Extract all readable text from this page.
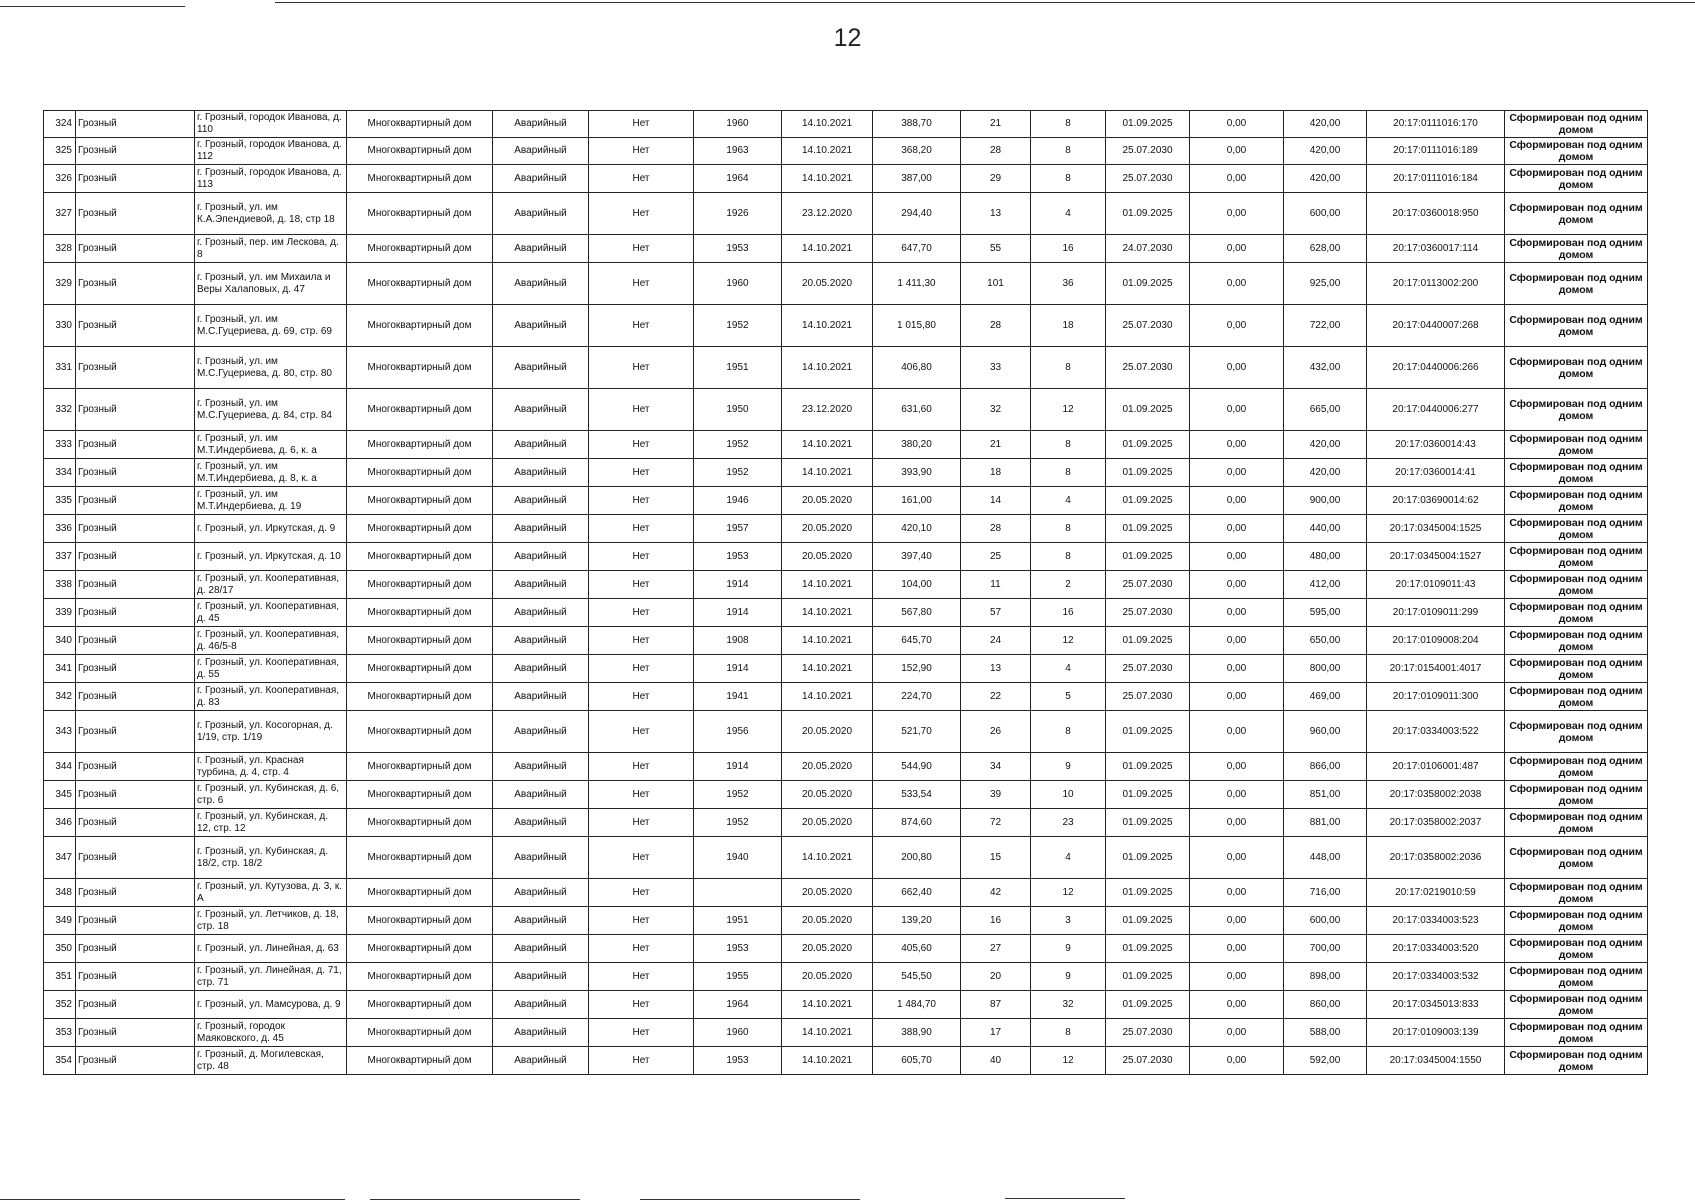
12
324	Грозный	г. Грозный, городок Иванова, д. 110	Многоквартирный дом	Аварийный	Нет	1960	14.10.2021	388,70	21	8	01.09.2025	0,00	420,00	20:17:0111016:170	Сформирован под одним домом
325	Грозный	г. Грозный, городок Иванова, д. 112	Многоквартирный дом	Аварийный	Нет	1963	14.10.2021	368,20	28	8	25.07.2030	0,00	420,00	20:17:0111016:189	Сформирован под одним домом
326	Грозный	г. Грозный, городок Иванова, д. 113	Многоквартирный дом	Аварийный	Нет	1964	14.10.2021	387,00	29	8	25.07.2030	0,00	420,00	20:17:0111016:184	Сформирован под одним домом
327	Грозный	г. Грозный, ул. им К.А.Эпендиевой, д. 18, стр 18	Многоквартирный дом	Аварийный	Нет	1926	23.12.2020	294,40	13	4	01.09.2025	0,00	600,00	20:17:0360018:950	Сформирован под одним домом
328	Грозный	г. Грозный, пер. им Лескова, д. 8	Многоквартирный дом	Аварийный	Нет	1953	14.10.2021	647,70	55	16	24.07.2030	0,00	628,00	20:17:0360017:114	Сформирован под одним домом
329	Грозный	г. Грозный, ул. им Михаила и Веры Халаповых, д. 47	Многоквартирный дом	Аварийный	Нет	1960	20.05.2020	1 411,30	101	36	01.09.2025	0,00	925,00	20:17:0113002:200	Сформирован под одним домом
330	Грозный	г. Грозный, ул. им М.С.Гуцериева, д. 69, стр. 69	Многоквартирный дом	Аварийный	Нет	1952	14.10.2021	1 015,80	28	18	25.07.2030	0,00	722,00	20:17:0440007:268	Сформирован под одним домом
331	Грозный	г. Грозный, ул. им М.С.Гуцериева, д. 80, стр. 80	Многоквартирный дом	Аварийный	Нет	1951	14.10.2021	406,80	33	8	25.07.2030	0,00	432,00	20:17:0440006:266	Сформирован под одним домом
332	Грозный	г. Грозный, ул. им М.С.Гуцериева, д. 84, стр. 84	Многоквартирный дом	Аварийный	Нет	1950	23.12.2020	631,60	32	12	01.09.2025	0,00	665,00	20:17:0440006:277	Сформирован под одним домом
333	Грозный	г. Грозный, ул. им М.Т.Индербиева, д. 6, к. а	Многоквартирный дом	Аварийный	Нет	1952	14.10.2021	380,20	21	8	01.09.2025	0,00	420,00	20:17:0360014:43	Сформирован под одним домом
334	Грозный	г. Грозный, ул. им М.Т.Индербиева, д. 8, к. а	Многоквартирный дом	Аварийный	Нет	1952	14.10.2021	393,90	18	8	01.09.2025	0,00	420,00	20:17:0360014:41	Сформирован под одним домом
335	Грозный	г. Грозный, ул. им М.Т.Индербиева, д. 19	Многоквартирный дом	Аварийный	Нет	1946	20.05.2020	161,00	14	4	01.09.2025	0,00	900,00	20:17:03690014:62	Сформирован под одним домом
336	Грозный	г. Грозный, ул. Иркутская, д. 9	Многоквартирный дом	Аварийный	Нет	1957	20.05.2020	420,10	28	8	01.09.2025	0,00	440,00	20:17:0345004:1525	Сформирован под одним домом
337	Грозный	г. Грозный, ул. Иркутская, д. 10	Многоквартирный дом	Аварийный	Нет	1953	20.05.2020	397,40	25	8	01.09.2025	0,00	480,00	20:17:0345004:1527	Сформирован под одним домом
338	Грозный	г. Грозный, ул. Кооперативная, д. 28/17	Многоквартирный дом	Аварийный	Нет	1914	14.10.2021	104,00	11	2	25.07.2030	0,00	412,00	20:17:0109011:43	Сформирован под одним домом
339	Грозный	г. Грозный, ул. Кооперативная, д. 45	Многоквартирный дом	Аварийный	Нет	1914	14.10.2021	567,80	57	16	25.07.2030	0,00	595,00	20:17:0109011:299	Сформирован под одним домом
340	Грозный	г. Грозный, ул. Кооперативная, д. 46/5-8	Многоквартирный дом	Аварийный	Нет	1908	14.10.2021	645,70	24	12	01.09.2025	0,00	650,00	20:17:0109008:204	Сформирован под одним домом
341	Грозный	г. Грозный, ул. Кооперативная, д. 55	Многоквартирный дом	Аварийный	Нет	1914	14.10.2021	152,90	13	4	25.07.2030	0,00	800,00	20:17:0154001:4017	Сформирован под одним домом
342	Грозный	г. Грозный, ул. Кооперативная, д. 83	Многоквартирный дом	Аварийный	Нет	1941	14.10.2021	224,70	22	5	25.07.2030	0,00	469,00	20:17:0109011:300	Сформирован под одним домом
343	Грозный	г. Грозный, ул. Косогорная, д. 1/19, стр. 1/19	Многоквартирный дом	Аварийный	Нет	1956	20.05.2020	521,70	26	8	01.09.2025	0,00	960,00	20:17:0334003:522	Сформирован под одним домом
344	Грозный	г. Грозный, ул. Красная турбина, д. 4, стр. 4	Многоквартирный дом	Аварийный	Нет	1914	20.05.2020	544,90	34	9	01.09.2025	0,00	866,00	20:17:0106001:487	Сформирован под одним домом
345	Грозный	г. Грозный, ул. Кубинская, д. 6, стр. 6	Многоквартирный дом	Аварийный	Нет	1952	20.05.2020	533,54	39	10	01.09.2025	0,00	851,00	20:17:0358002:2038	Сформирован под одним домом
346	Грозный	г. Грозный, ул. Кубинская, д. 12, стр. 12	Многоквартирный дом	Аварийный	Нет	1952	20.05.2020	874,60	72	23	01.09.2025	0,00	881,00	20:17:0358002:2037	Сформирован под одним домом
347	Грозный	г. Грозный, ул. Кубинская, д. 18/2, стр. 18/2	Многоквартирный дом	Аварийный	Нет	1940	14.10.2021	200,80	15	4	01.09.2025	0,00	448,00	20:17:0358002:2036	Сформирован под одним домом
348	Грозный	г. Грозный, ул. Кутузова, д. 3, к. А	Многоквартирный дом	Аварийный	Нет		20.05.2020	662,40	42	12	01.09.2025	0,00	716,00	20:17:0219010:59	Сформирован под одним домом
349	Грозный	г. Грозный, ул. Летчиков, д. 18, стр. 18	Многоквартирный дом	Аварийный	Нет	1951	20.05.2020	139,20	16	3	01.09.2025	0,00	600,00	20:17:0334003:523	Сформирован под одним домом
350	Грозный	г. Грозный, ул. Линейная, д. 63	Многоквартирный дом	Аварийный	Нет	1953	20.05.2020	405,60	27	9	01.09.2025	0,00	700,00	20:17:0334003:520	Сформирован под одним домом
351	Грозный	г. Грозный, ул. Линейная, д. 71, стр. 71	Многоквартирный дом	Аварийный	Нет	1955	20.05.2020	545,50	20	9	01.09.2025	0,00	898,00	20:17:0334003:532	Сформирован под одним домом
352	Грозный	г. Грозный, ул. Мамсурова, д. 9	Многоквартирный дом	Аварийный	Нет	1964	14.10.2021	1 484,70	87	32	01.09.2025	0,00	860,00	20:17:0345013:833	Сформирован под одним домом
353	Грозный	г. Грозный, городок Маяковского, д. 45	Многоквартирный дом	Аварийный	Нет	1960	14.10.2021	388,90	17	8	25.07.2030	0,00	588,00	20:17:0109003:139	Сформирован под одним домом
354	Грозный	г. Грозный, д. Могилевская, стр. 48	Многоквартирный дом	Аварийный	Нет	1953	14.10.2021	605,70	40	12	25.07.2030	0,00	592,00	20:17:0345004:1550	Сформирован под одним домом
